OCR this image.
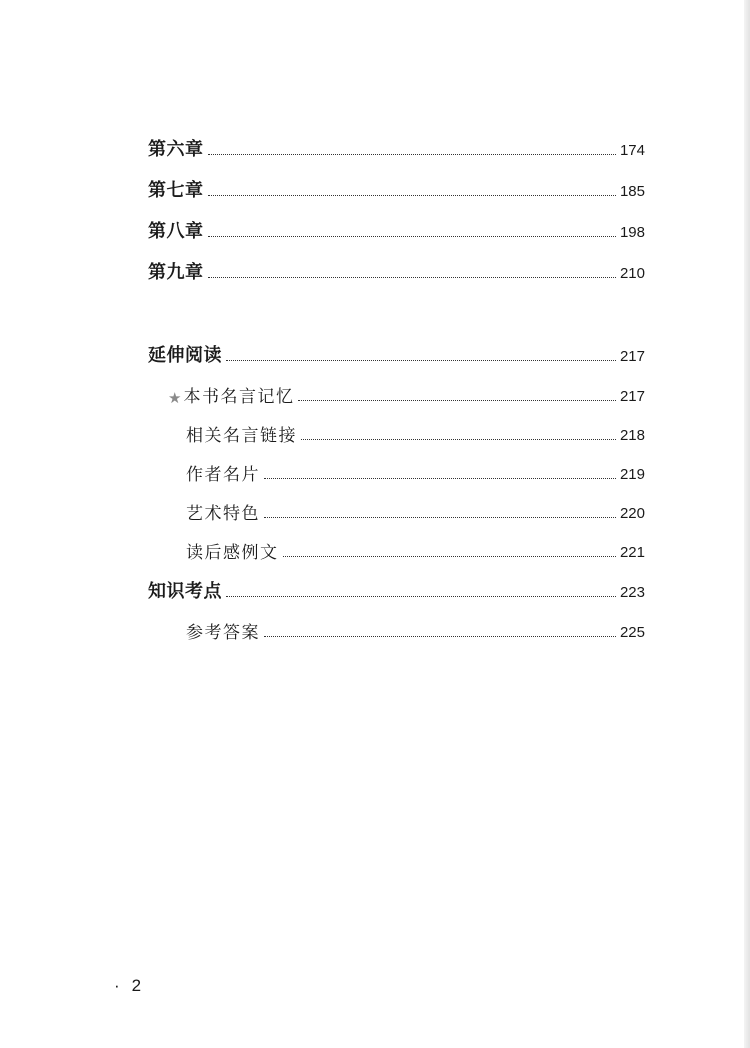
第六章	174
第七章	185
第八章	198
第九章	210
延伸阅读	217
★ 本书名言记忆	217
相关名言链接	218
作者名片	219
艺术特色	220
读后感例文	221
知识考点	223
参考答案	225
· 2
